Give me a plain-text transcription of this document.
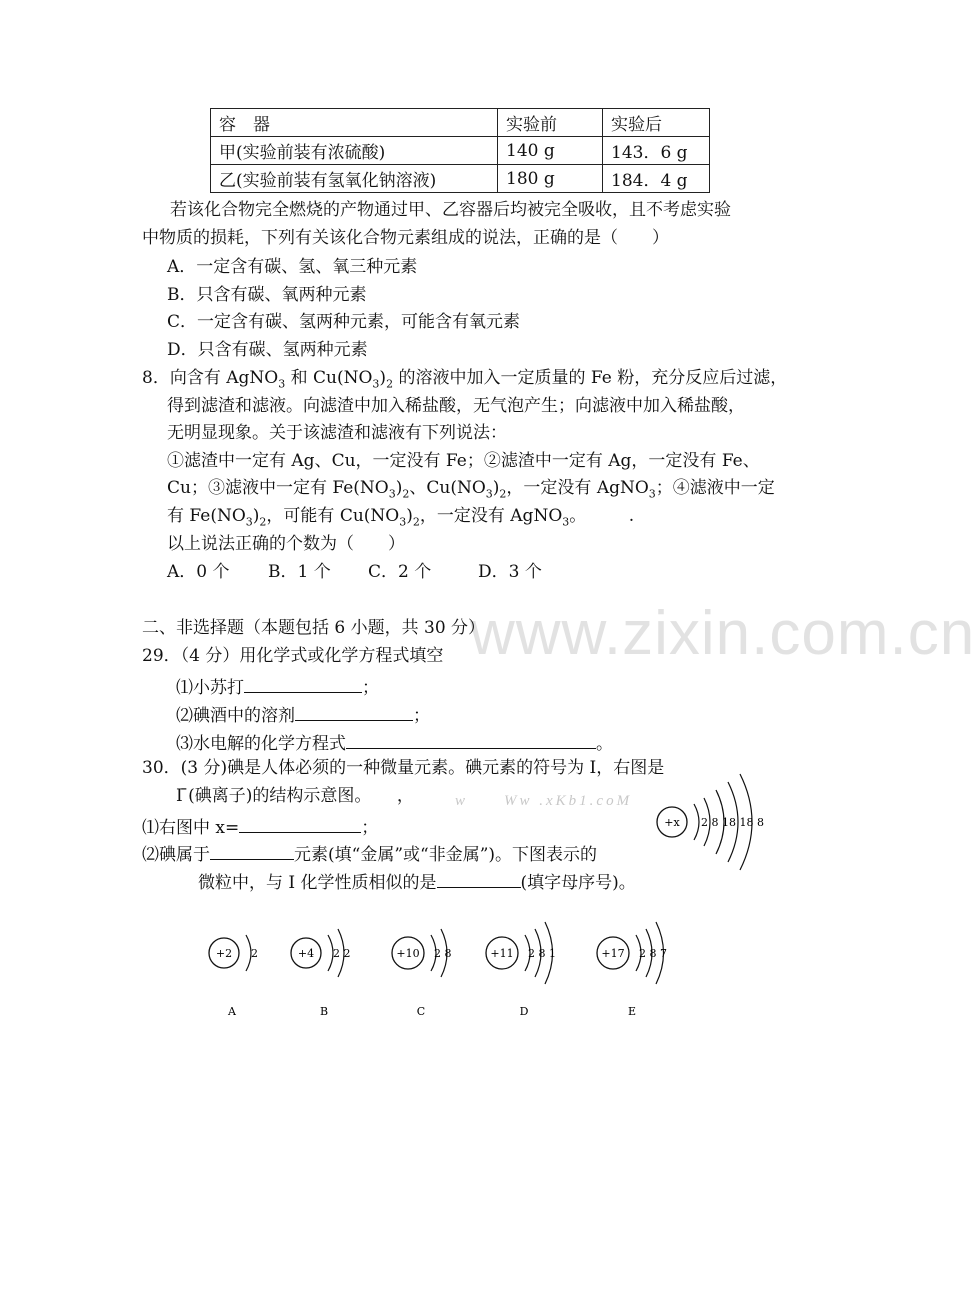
www.zixin.com.cn
容　器	实验前	实验后
甲(实验前装有浓硫酸)	140 g	143．6 g
乙(实验前装有氢氧化钠溶液)	180 g	184．4 g
若该化合物完全燃烧的产物通过甲、乙容器后均被完全吸收，且不考虑实验
中物质的损耗，下列有关该化合物元素组成的说法，正确的是（　　）
A．一定含有碳、氢、氧三种元素
B．只含有碳、氧两种元素
C．一定含有碳、氢两种元素，可能含有氧元素
D．只含有碳、氢两种元素
8．向含有 AgNO$_3$ 和 $Cu(NO_3)_2$ 的溶液中加入一定质量的 Fe 粉，充分反应后过滤，
得到滤渣和滤液。向滤渣中加入稀盐酸，无气泡产生；向滤液中加入稀盐酸，
无明显现象。关于该滤渣和滤液有下列说法：
①滤渣中一定有 Ag、Cu，一定没有 Fe；②滤渣中一定有 Ag，一定没有 Fe、
Cu；③滤液中一定有 $Fe(NO_3)_2$、$Cu(NO_3)_2$，一定没有 AgNO$_3$；④滤液中一定
有 $Fe(NO_3)_2$，可能有 $Cu(NO_3)_2$，一定没有 AgNO$_3$。　　　.
以上说法正确的个数为（　　）
A．0 个 B．1 个 C．2 个	D．3 个
二、非选择题（本题包括 6 小题，共 30 分）
29．（4 分）用化学式或化学方程式填空
⑴小苏打	；
⑵碘酒中的溶剂	；
⑶水电解的化学方程式	。
30．(3 分)碘是人体必须的一种微量元素。碘元素的符号为 I，右图是
I ̄(碘离子)的结构示意图。　　，	w　　Ww .xKb1.coM
⑴右图中 x=	；
⑵碘属于	元素(填“金属”或“非金属”)。下图表示的
微粒中，与 I 化学性质相似的是	(填字母序号)。
+x 2 8 18 18 8
+2 2
A
+4 2 2
B
+10 2 8
C
+11 2 8 1
D
+17 2 8 7
E
